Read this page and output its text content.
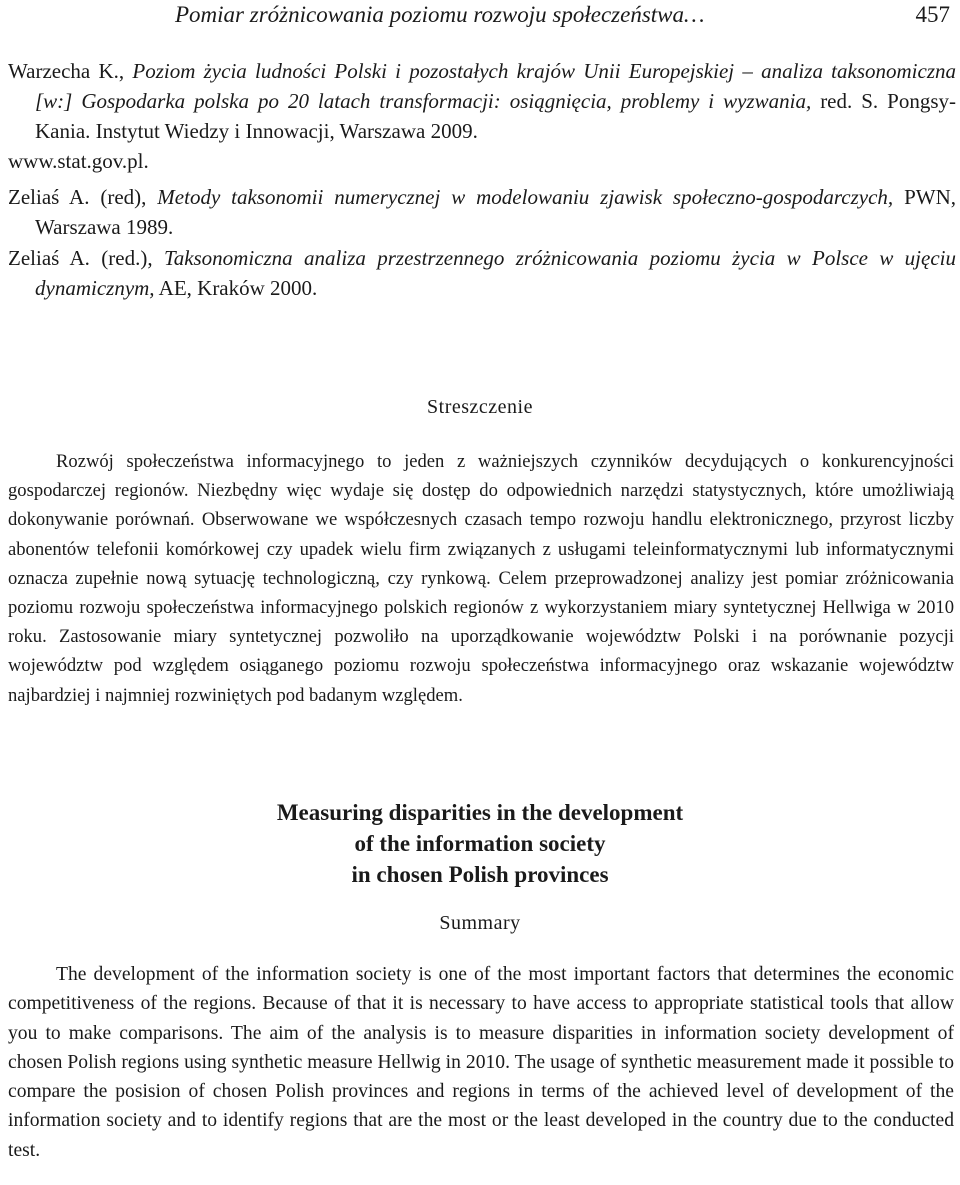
Pomiar zróżnicowania poziomu rozwoju społeczeństwa…	457

Warzecha K., Poziom życia ludności Polski i pozostałych krajów Unii Europejskiej – analiza taksonomiczna [w:] Gospodarka polska po 20 latach transformacji: osiągnięcia, problemy i wyzwania, red. S. Pongsy-Kania. Instytut Wiedzy i Innowacji, Warszawa 2009.

www.stat.gov.pl.

Zeliaś A. (red), Metody taksonomii numerycznej w modelowaniu zjawisk społeczno-gospodarczych, PWN, Warszawa 1989.

Zeliaś A. (red.), Taksonomiczna analiza przestrzennego zróżnicowania poziomu życia w Polsce w ujęciu dynamicznym, AE, Kraków 2000.

Streszczenie

Rozwój społeczeństwa informacyjnego to jeden z ważniejszych czynników decydujących o konkurencyjności gospodarczej regionów. Niezbędny więc wydaje się dostęp do odpowiednich narzędzi statystycznych, które umożliwiają dokonywanie porównań. Obserwowane we współczesnych czasach tempo rozwoju handlu elektronicznego, przyrost liczby abonentów telefonii komórkowej czy upadek wielu firm związanych z usługami teleinformatycznymi lub informatycznymi oznacza zupełnie nową sytuację technologiczną, czy rynkową. Celem przeprowadzonej analizy jest pomiar zróżnicowania poziomu rozwoju społeczeństwa informacyjnego polskich regionów z wykorzystaniem miary syntetycznej Hellwiga w 2010 roku. Zastosowanie miary syntetycznej pozwoliło na uporządkowanie województw Polski i na porównanie pozycji województw pod względem osiąganego poziomu rozwoju społeczeństwa informacyjnego oraz wskazanie województw najbardziej i najmniej rozwiniętych pod badanym względem.

Measuring disparities in the development
of the information society
in chosen Polish provinces
Summary

The development of the information society is one of the most important factors that determines the economic competitiveness of the regions. Because of that it is necessary to have access to appropriate statistical tools that allow you to make comparisons. The aim of the analysis is to measure disparities in information society development of chosen Polish regions using synthetic measure Hellwig in 2010. The usage of synthetic measurement made it possible to compare the posision of chosen Polish provinces and regions in terms of the achieved level of development of the information society and to identify regions that are the most or the least developed in the country due to the conducted test.
